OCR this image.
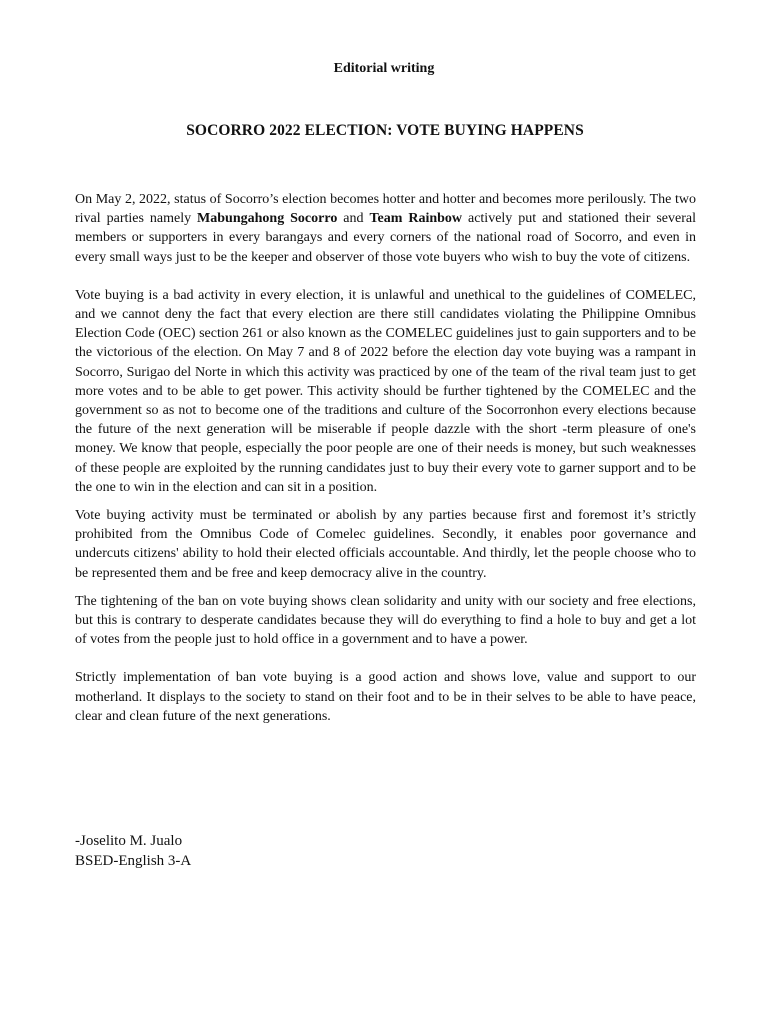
Editorial writing
SOCORRO 2022 ELECTION: VOTE BUYING HAPPENS

On May 2, 2022, status of Socorro’s election becomes hotter and hotter and becomes more perilously. The two rival parties namely Mabungahong Socorro and Team Rainbow actively put and stationed their several members or supporters in every barangays and every corners of the national road of Socorro, and even in every small ways just to be the keeper and observer of those vote buyers who wish to buy the vote of citizens.

Vote buying is a bad activity in every election, it is unlawful and unethical to the guidelines of COMELEC, and we cannot deny the fact that every election are there still candidates violating the Philippine Omnibus Election Code (OEC) section 261 or also known as the COMELEC guidelines just to gain supporters and to be the victorious of the election. On May 7 and 8 of 2022 before the election day vote buying was a rampant in Socorro, Surigao del Norte in which this activity was practiced by one of the team of the rival team just to get more votes and to be able to get power. This activity should be further tightened by the COMELEC and the government so as not to become one of the traditions and culture of the Socorronhon every elections because the future of the next generation will be miserable if people dazzle with the short -term pleasure of one's money. We know that people, especially the poor people are one of their needs is money, but such weaknesses of these people are exploited by the running candidates just to buy their every vote to garner support and to be the one to win in the election and can sit in a position.

Vote buying activity must be terminated or abolish by any parties because first and foremost it’s strictly prohibited from the Omnibus Code of Comelec guidelines. Secondly, it enables poor governance and undercuts citizens' ability to hold their elected officials accountable. And thirdly, let the people choose who to be represented them and be free and keep democracy alive in the country.

The tightening of the ban on vote buying shows clean solidarity and unity with our society and free elections, but this is contrary to desperate candidates because they will do everything to find a hole to buy and get a lot of votes from the people just to hold office in a government and to have a power.

Strictly implementation of ban vote buying is a good action and shows love, value and support to our motherland. It displays to the society to stand on their foot and to be in their selves to be able to have peace, clear and clean future of the next generations.

-Joselito M. Jualo
BSED-English 3-A
